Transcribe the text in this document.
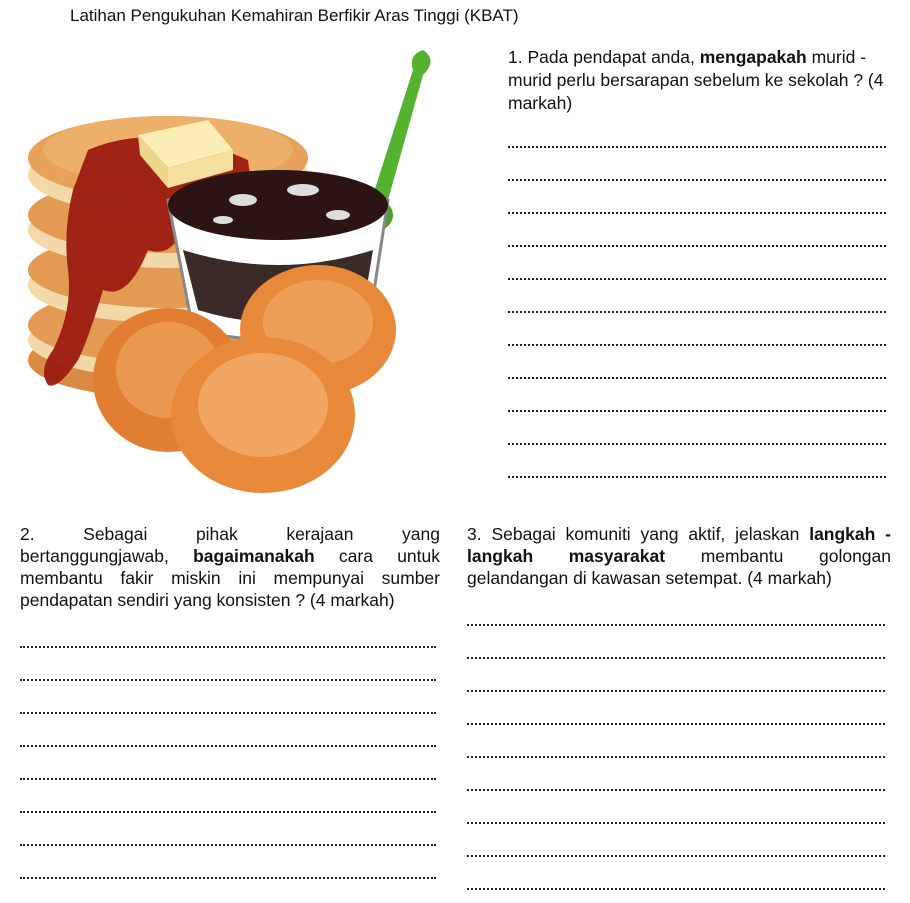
Latihan Pengukuhan Kemahiran Berfikir Aras Tinggi (KBAT)
1. Pada pendapat anda, mengapakah murid - murid perlu bersarapan sebelum ke sekolah ? (4 markah)
2.	Sebagai	pihak	kerajaan	yang
bertanggungjawab, bagaimanakah cara untuk membantu fakir miskin ini mempunyai sumber pendapatan sendiri yang konsisten ? (4 markah)
3. Sebagai komuniti yang aktif, jelaskan langkah - langkah masyarakat membantu golongan gelandangan di kawasan setempat. (4 markah)
